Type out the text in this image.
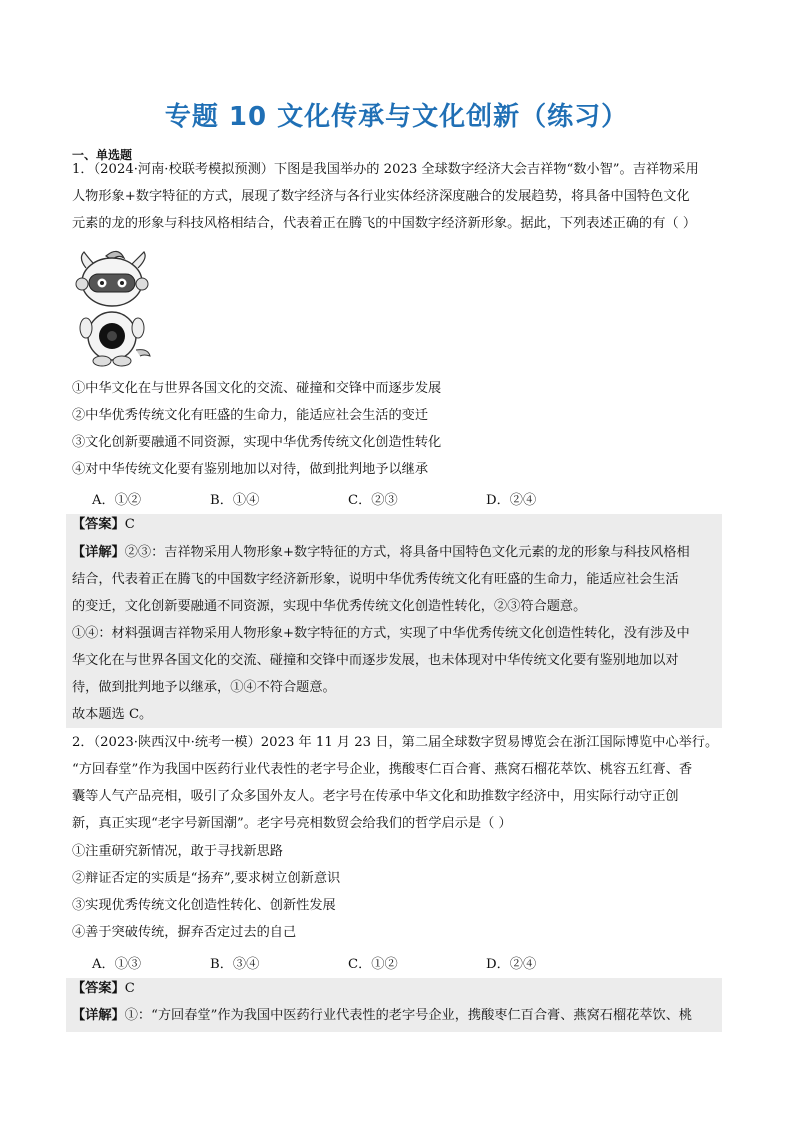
专题 10 文化传承与文化创新（练习）
一、单选题
1．（2024·河南·校联考模拟预测）下图是我国举办的 2023 全球数字经济大会吉祥物“数小智”。吉祥物采用
人物形象+数字特征的方式，展现了数字经济与各行业实体经济深度融合的发展趋势，将具备中国特色文化
元素的龙的形象与科技风格相结合，代表着正在腾飞的中国数字经济新形象。据此，下列表述正确的有（ ）
①中华文化在与世界各国文化的交流、碰撞和交锋中而逐步发展
②中华优秀传统文化有旺盛的生命力，能适应社会生活的变迁
③文化创新要融通不同资源，实现中华优秀传统文化创造性转化
④对中华传统文化要有鉴别地加以对待，做到批判地予以继承
A．①②	B．①④	C．②③	D．②④
【答案】C
【详解】②③：吉祥物采用人物形象+数字特征的方式，将具备中国特色文化元素的龙的形象与科技风格相
结合，代表着正在腾飞的中国数字经济新形象，说明中华优秀传统文化有旺盛的生命力，能适应社会生活
的变迁，文化创新要融通不同资源，实现中华优秀传统文化创造性转化，②③符合题意。
①④：材料强调吉祥物采用人物形象+数字特征的方式，实现了中华优秀传统文化创造性转化，没有涉及中
华文化在与世界各国文化的交流、碰撞和交锋中而逐步发展，也未体现对中华传统文化要有鉴别地加以对
待，做到批判地予以继承，①④不符合题意。
故本题选 C。
2．（2023·陕西汉中·统考一模）2023 年 11 月 23 日，第二届全球数字贸易博览会在浙江国际博览中心举行。
“方回春堂”作为我国中医药行业代表性的老字号企业，携酸枣仁百合膏、燕窝石榴花萃饮、桃容五红膏、香
囊等人气产品亮相，吸引了众多国外友人。老字号在传承中华文化和助推数字经济中，用实际行动守正创
新，真正实现“老字号新国潮”。老字号亮相数贸会给我们的哲学启示是（ ）
①注重研究新情况，敢于寻找新思路
②辩证否定的实质是“扬弃”,要求树立创新意识
③实现优秀传统文化创造性转化、创新性发展
④善于突破传统，摒弃否定过去的自己
A．①③	B．③④	C．①②	D．②④
【答案】C
【详解】①：“方回春堂”作为我国中医药行业代表性的老字号企业，携酸枣仁百合膏、燕窝石榴花萃饮、桃
